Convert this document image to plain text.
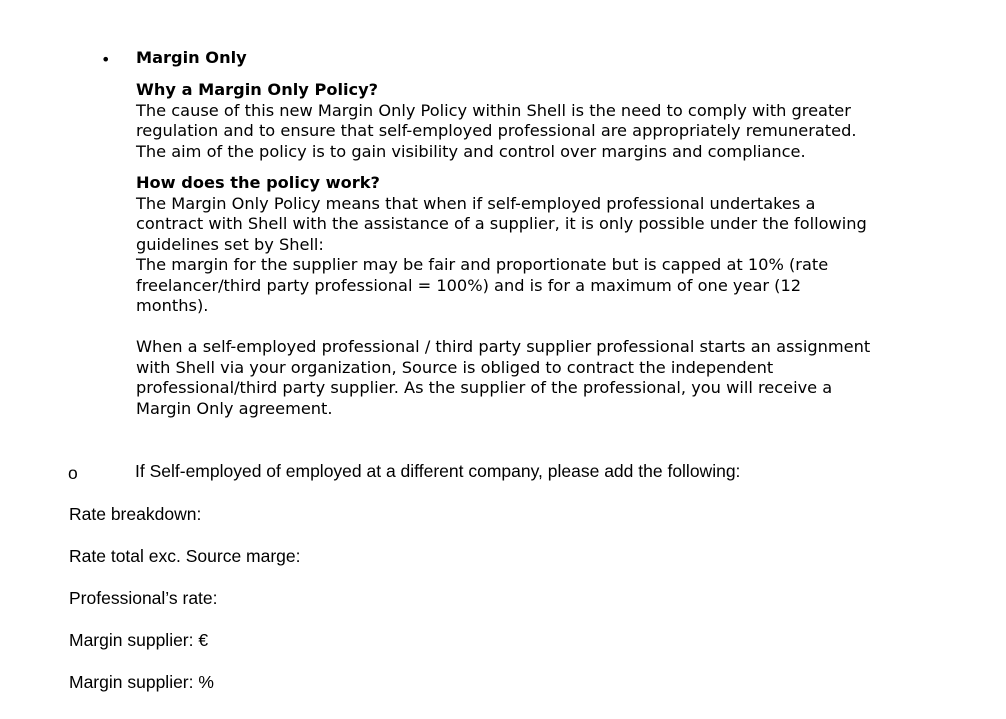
• Margin Only

Why a Margin Only Policy?

The cause of this new Margin Only Policy within Shell is the need to comply with greater

regulation and to ensure that self-employed professional are appropriately remunerated.

The aim of the policy is to gain visibility and control over margins and compliance.

How does the policy work?

The Margin Only Policy means that when if self-employed professional undertakes a

contract with Shell with the assistance of a supplier, it is only possible under the following

guidelines set by Shell:

The margin for the supplier may be fair and proportionate but is capped at 10% (rate

freelancer/third party professional = 100%) and is for a maximum of one year (12

months).

When a self-employed professional / third party supplier professional starts an assignment

with Shell via your organization, Source is obliged to contract the independent

professional/third party supplier. As the supplier of the professional, you will receive a

Margin Only agreement.

o	If Self-employed of employed at a different company, please add the following:
Rate breakdown:
Rate total exc. Source marge:
Professional’s rate:
Margin supplier: €
Margin supplier: %
